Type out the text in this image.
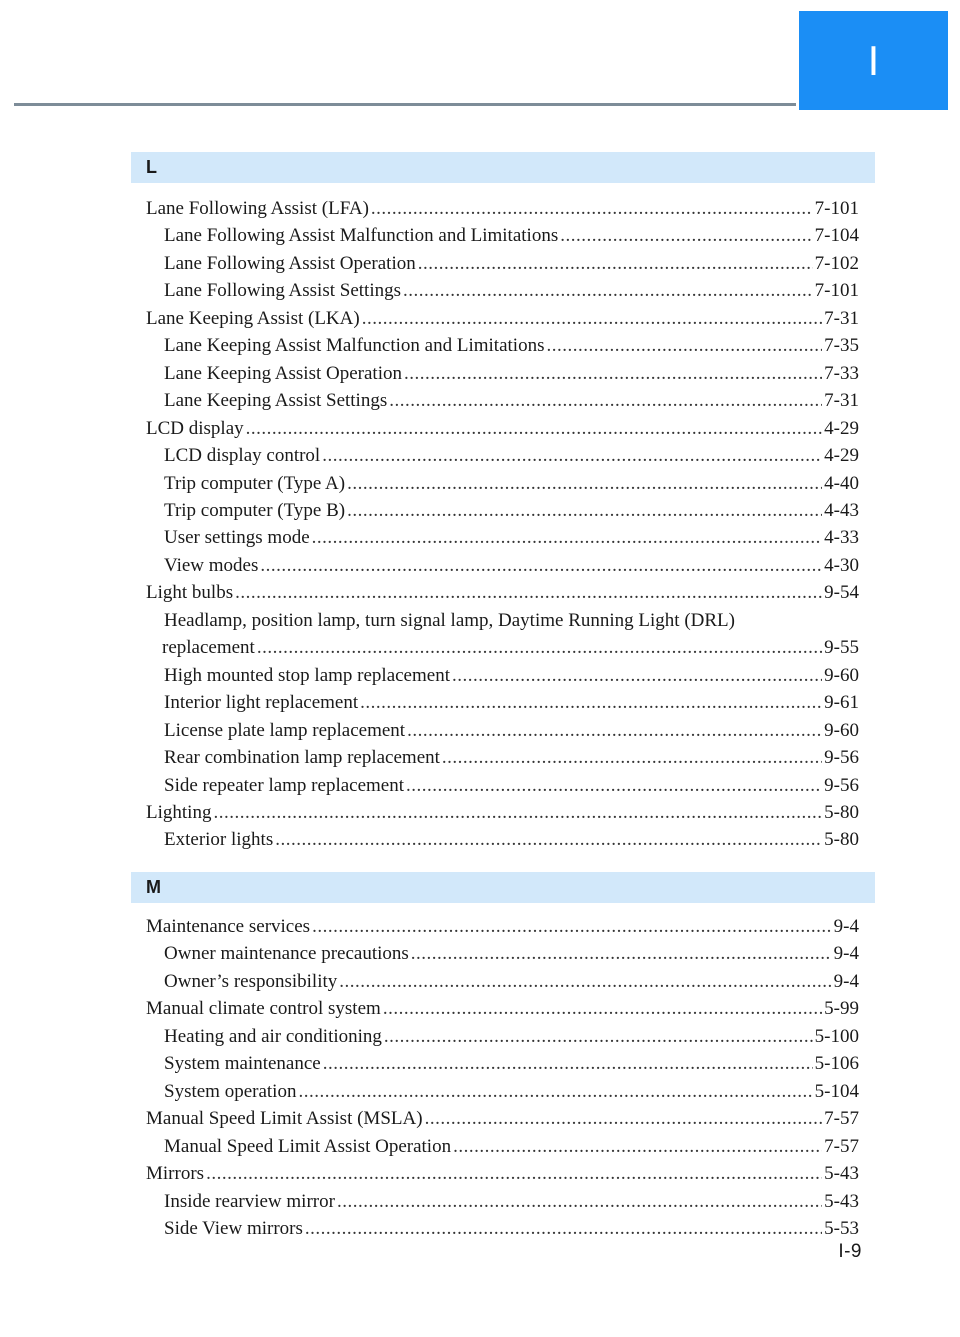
I
L
Lane Following Assist (LFA) .....	7-101
Lane Following Assist Malfunction and Limitations .....	7-104
Lane Following Assist Operation .....	7-102
Lane Following Assist Settings .....	7-101
Lane Keeping Assist (LKA) .....	7-31
Lane Keeping Assist Malfunction and Limitations .....	7-35
Lane Keeping Assist Operation .....	7-33
Lane Keeping Assist Settings .....	7-31
LCD display .....	4-29
LCD display control .....	4-29
Trip computer (Type A) .....	4-40
Trip computer (Type B) .....	4-43
User settings mode .....	4-33
View modes .....	4-30
Light bulbs .....	9-54
Headlamp, position lamp, turn signal lamp, Daytime Running Light (DRL)
replacement .....	9-55
High mounted stop lamp replacement .....	9-60
Interior light replacement .....	9-61
License plate lamp replacement .....	9-60
Rear combination lamp replacement .....	9-56
Side repeater lamp replacement .....	9-56
Lighting .....	5-80
Exterior lights .....	5-80
M
Maintenance services .....	9-4
Owner maintenance precautions .....	9-4
Owner’s responsibility .....	9-4
Manual climate control system .....	5-99
Heating and air conditioning .....	5-100
System maintenance .....	5-106
System operation .....	5-104
Manual Speed Limit Assist (MSLA) .....	7-57
Manual Speed Limit Assist Operation .....	7-57
Mirrors .....	5-43
Inside rearview mirror .....	5-43
Side View mirrors .....	5-53
I-9
